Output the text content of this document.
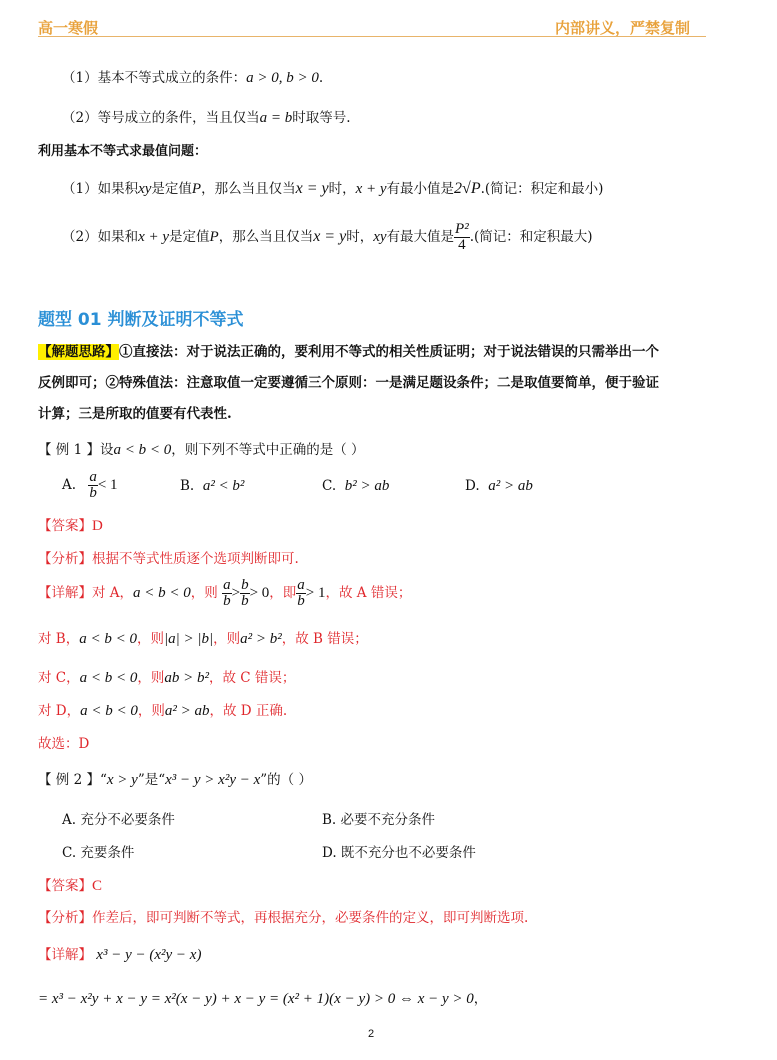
高一寒假	内部讲义，严禁复制
（1）基本不等式成立的条件：a > 0, b > 0.
（2）等号成立的条件，当且仅当a = b时取等号.
利用基本不等式求最值问题：
（1）如果积xy是定值P，那么当且仅当x = y时，x + y有最小值是2√P.(简记：积定和最小)
（2）如果和x + y是定值P，那么当且仅当x = y时，xy有最大值是 $\frac{\text{P²}}{4}$ .(简记：和定积最大)
题型 01 判断及证明不等式
【解题思路】①直接法：对于说法正确的，要利用不等式的相关性质证明；对于说法错误的只需举出一个
反例即可；②特殊值法：注意取值一定要遵循三个原则：一是满足题设条件；二是取值要简单，便于验证
计算；三是所取的值要有代表性.
【 例 1 】设a < b < 0，则下列不等式中正确的是（ ）
A. $\frac{a}{b} < 1$	B. a² < b²	C. b² > ab	D. a² > ab
【答案】D
【分析】根据不等式性质逐个选项判断即可.
【详解】对 A，a < b < 0，则 $\frac{a}{b} > \frac{b}{b} > 0$，即 $\frac{a}{b} > 1$，故 A 错误；
对 B，a < b < 0，则|a| > |b|，则a² > b²，故 B 错误；
对 C，a < b < 0，则ab > b²，故 C 错误；
对 D，a < b < 0，则a² > ab，故 D 正确.
故选：D
【 例 2 】“x > y”是“x³ − y > x²y − x”的（ ）
A. 充分不必要条件	B. 必要不充分条件
C. 充要条件	D. 既不充分也不必要条件
【答案】C
【分析】作差后，即可判断不等式，再根据充分，必要条件的定义，即可判断选项.
【详解】 x³ − y − (x²y − x)
= x³ − x²y + x − y = x²(x − y) + x − y = (x² + 1)(x − y) > 0 ⇔ x − y > 0，
2
